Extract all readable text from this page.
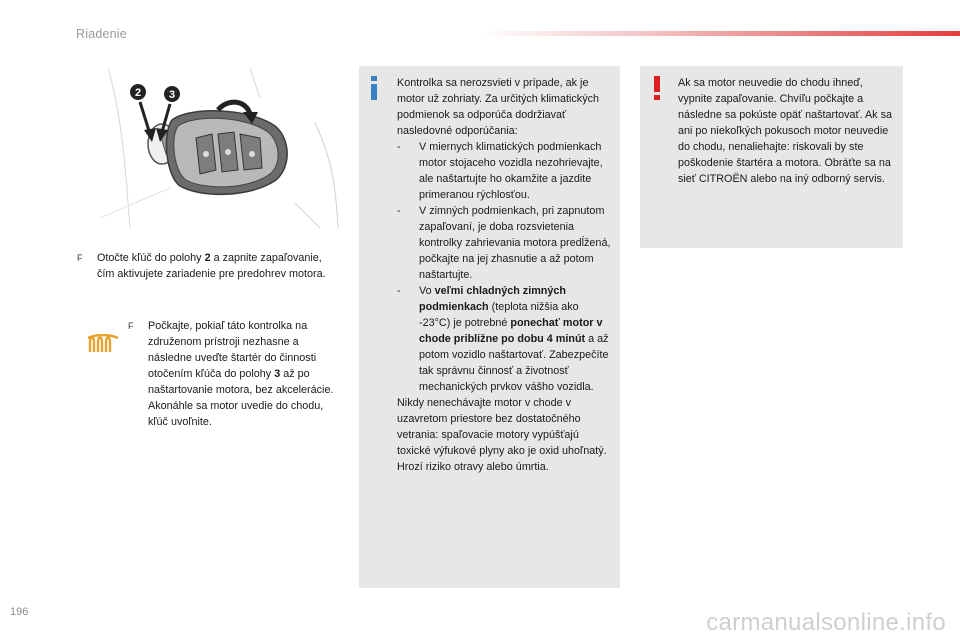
Riadenie
2	3
F	Otočte kľúč do polohy 2 a zapnite zapaľovanie, čím aktivujete zariadenie pre predohrev motora.
F	Počkajte, pokiaľ táto kontrolka na združenom prístroji nezhasne a následne uveďte štartér do činnosti otočením kľúča do polohy 3 až po naštartovanie motora, bez akcelerácie. Akonáhle sa motor uvedie do chodu, kľúč uvoľnite.
Kontrolka sa nerozsvieti v prípade, ak je motor už zohriaty. Za určitých klimatických podmienok sa odporúča dodržiavať nasledovné odporúčania:
-	V miernych klimatických podmienkach motor stojaceho vozidla nezohrievajte, ale naštartujte ho okamžite a jazdite primeranou rýchlosťou.
-	V zimných podmienkach, pri zapnutom zapaľovaní, je doba rozsvietenia kontrolky zahrievania motora predĺžená, počkajte na jej zhasnutie a až potom naštartujte.
-	Vo veľmi chladných zimných podmienkach (teplota nižšia ako -23°C) je potrebné ponechať motor v chode približne po dobu 4 minút a až potom vozidlo naštartovať. Zabezpečíte tak správnu činnosť a životnosť mechanických prvkov vášho vozidla.
Nikdy nenechávajte motor v chode v uzavretom priestore bez dostatočného vetrania: spaľovacie motory vypúšťajú toxické výfukové plyny ako je oxid uhoľnatý. Hrozí riziko otravy alebo úmrtia.
Ak sa motor neuvedie do chodu ihneď, vypnite zapaľovanie. Chvíľu počkajte a následne sa pokúste opäť naštartovať. Ak sa ani po niekoľkých pokusoch motor neuvedie do chodu, nenaliehajte: riskovali by ste poškodenie štartéra a motora. Obráťte sa na sieť CITROËN alebo na iný odborný servis.
196	carmanualsonline.info
